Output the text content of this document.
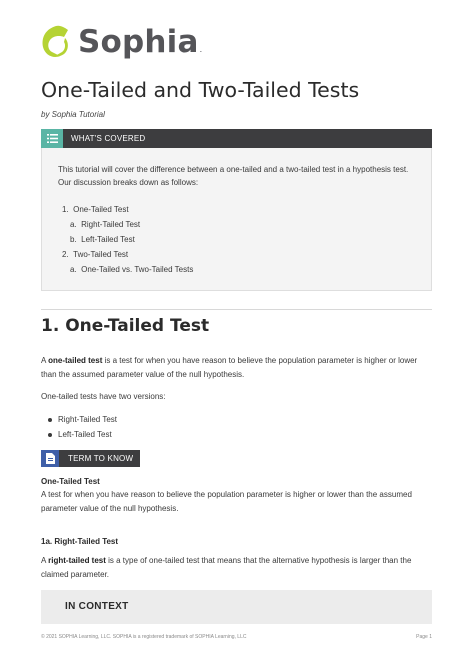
Sophia .
One-Tailed and Two-Tailed Tests
by Sophia Tutorial
WHAT'S COVERED

This tutorial will cover the difference between a one-tailed and a two-tailed test in a hypothesis test. Our discussion breaks down as follows:

1. One-Tailed Test
a. Right-Tailed Test
b. Left-Tailed Test
2. Two-Tailed Test
a. One-Tailed vs. Two-Tailed Tests
1. One-Tailed Test

A one-tailed test is a test for when you have reason to believe the population parameter is higher or lower than the assumed parameter value of the null hypothesis.

One-tailed tests have two versions:

Right-Tailed Test
Left-Tailed Test
TERM TO KNOW
One-Tailed Test

A test for when you have reason to believe the population parameter is higher or lower than the assumed parameter value of the null hypothesis.

1a. Right-Tailed Test

A right-tailed test is a type of one-tailed test that means that the alternative hypothesis is larger than the claimed parameter.

IN CONTEXT
© 2021 SOPHIA Learning, LLC. SOPHIA is a registered trademark of SOPHIA Learning, LLC	Page 1
